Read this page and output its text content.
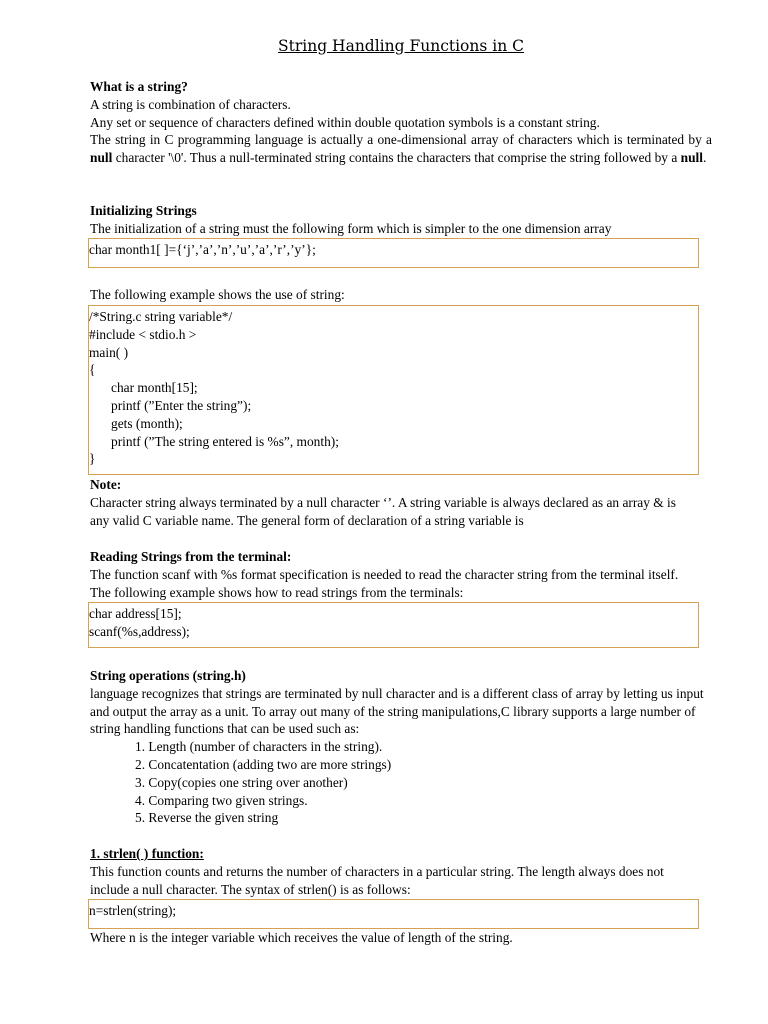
String Handling Functions in C
What is a string?
A string is combination of characters.
Any set or sequence of characters defined within double quotation symbols is a constant string.
The string in C programming language is actually a one-dimensional array of characters which is terminated by a null character '\0'. Thus a null-terminated string contains the characters that comprise the string followed by a null.
Initializing Strings
The initialization of a string must the following form which is simpler to the one dimension array
char month1[ ]={‘j’,’a’,’n’,’u’,’a’,’r’,’y’};
The following example shows the use of string:
/*String.c string variable*/
#include < stdio.h >
main( )
{
char month[15];
printf (”Enter the string”);
gets (month);
printf (”The string entered is %s”, month);
}
Note:
Character string always terminated by a null character ‘’. A string variable is always declared as an array & is any valid C variable name. The general form of declaration of a string variable is
Reading Strings from the terminal:
The function scanf with %s format specification is needed to read the character string from the terminal itself. The following example shows how to read strings from the terminals:
char address[15];
scanf(%s,address);
String operations (string.h)
language recognizes that strings are terminated by null character and is a different class of array by letting us input and output the array as a unit. To array out many of the string manipulations,C library supports a large number of string handling functions that can be used such as:
1. Length (number of characters in the string).
2. Concatentation (adding two are more strings)
3. Copy(copies one string over another)
4. Comparing two given strings.
5. Reverse the given string
1. strlen( ) function:
This function counts and returns the number of characters in a particular string. The length always does not include a null character. The syntax of strlen() is as follows:
n=strlen(string);
Where n is the integer variable which receives the value of length of the string.
